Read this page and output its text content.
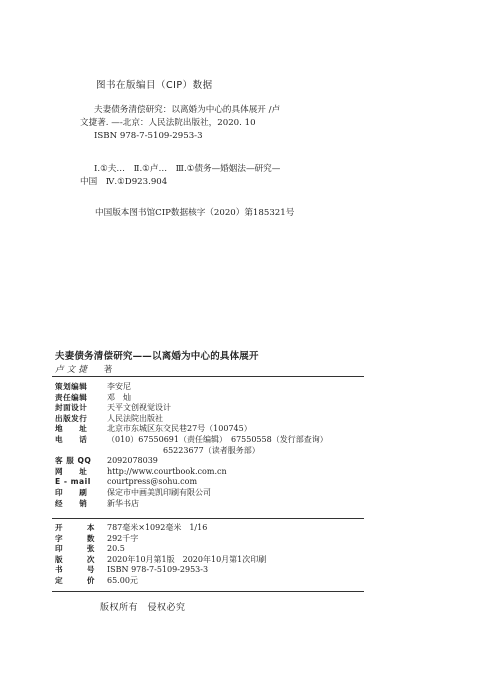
图书在版编目（CIP）数据
夫妻债务清偿研究：以离婚为中心的具体展开 /卢
文捷著. —-北京：人民法院出版社，2020. 10
ISBN 978-7-5109-2953-3
Ⅰ.①夫…　Ⅱ.①卢…　Ⅲ.①债务—婚姻法—研究—
中国　Ⅳ.①D923.904
中国版本图书馆CIP数据核字（2020）第185321号
夫妻债务清偿研究——以离婚为中心的具体展开
卢文捷 著
策划编辑	李安尼
责任编辑	邓　灿
封面设计	天平文创视觉设计
出版发行	人民法院出版社
地　　址	北京市东城区东交民巷27号（100745）
电　　话	（010）67550691（责任编辑）　67550558（发行部查询）
65223677（读者服务部）
客 服 QQ	2092078039
网　　址	http://www.courtbook.com.cn
E - mail	courtpress@sohu.com
印　　刷	保定市中画美凯印刷有限公司
经　　销	新华书店
开本 787毫米×1092毫米　1/16
字数 292千字
印张 20.5
版次 2020年10月第1版　2020年10月第1次印刷
书号 ISBN 978-7-5109-2953-3
定价 65.00元
版权所有　侵权必究
